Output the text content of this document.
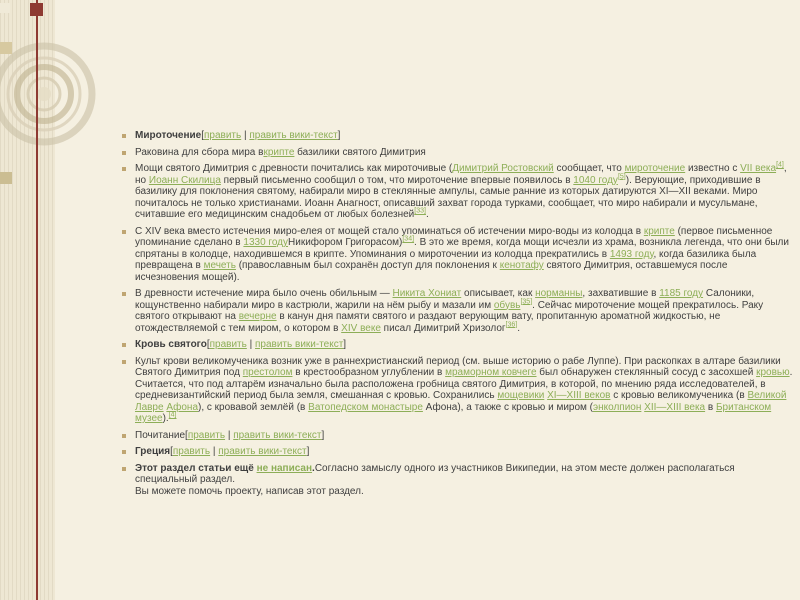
Мироточение[править | править вики-текст]
Раковина для сбора мира вкрипте базилики святого Димитрия
Мощи святого Димитрия с древности почитались как мироточивые (Димитрий Ростовский сообщает, что мироточение известно с VII века[4], но Иоанн Скилица первый письменно сообщил о том, что мироточение впервые появилось в 1040 году[5]). Верующие, приходившие в базилику для поклонения святому, набирали миро в стеклянные ампулы, самые ранние из которых датируются XI—XII веками. Миро почиталось не только христианами. Иоанн Анагност, описавший захват города турками, сообщает, что миро набирали и мусульмане, считавшие его медицинским снадобьем от любых болезней[33].
С XIV века вместо истечения миро-елея от мощей стало упоминаться об истечении миро-воды из колодца в крипте (первое письменное упоминание сделано в 1330 годуНикифором Григорасом)[34]. В это же время, когда мощи исчезли из храма, возникла легенда, что они были спрятаны в колодце, находившемся в крипте. Упоминания о мироточении из колодца прекратились в 1493 году, когда базилика была превращена в мечеть (православным был сохранён доступ для поклонения к кенотафу святого Димитрия, оставшемуся после исчезновения мощей).
В древности истечение мира было очень обильным — Никита Хониат описывает, как норманны, захватившие в 1185 году Салоники, кощунственно набирали миро в кастрюли, жарили на нём рыбу и мазали им обувь[35]. Сейчас мироточение мощей прекратилось. Раку святого открывают на вечерне в канун дня памяти святого и раздают верующим вату, пропитанную ароматной жидкостью, не отождествляемой с тем миром, о котором в XIV веке писал Димитрий Хризолог[36].
Кровь святого[править | править вики-текст]
Культ крови великомученика возник уже в раннехристианский период (см. выше историю о рабе Луппе). При раскопках в алтаре базилики Святого Димитрия под престолом в крестообразном углублении в мраморном ковчеге был обнаружен стеклянный сосуд с засохшей кровью. Считается, что под алтарём изначально была расположена гробница святого Димитрия, в которой, по мнению ряда исследователей, в средневизантийский период была земля, смешанная с кровью. Сохранились мощевики XI—XIII веков с кровью великомученика (в Великой Лавре Афона), с кровавой землёй (в Ватопедском монастыре Афона), а также с кровью и миром (энколпион XII—XIII века в Британском музее).[4]
Почитание[править | править вики-текст]
Греция[править | править вики-текст]
Этот раздел статьи ещё не написан.Согласно замыслу одного из участников Википедии, на этом месте должен располагаться специальный раздел.
Вы можете помочь проекту, написав этот раздел.
